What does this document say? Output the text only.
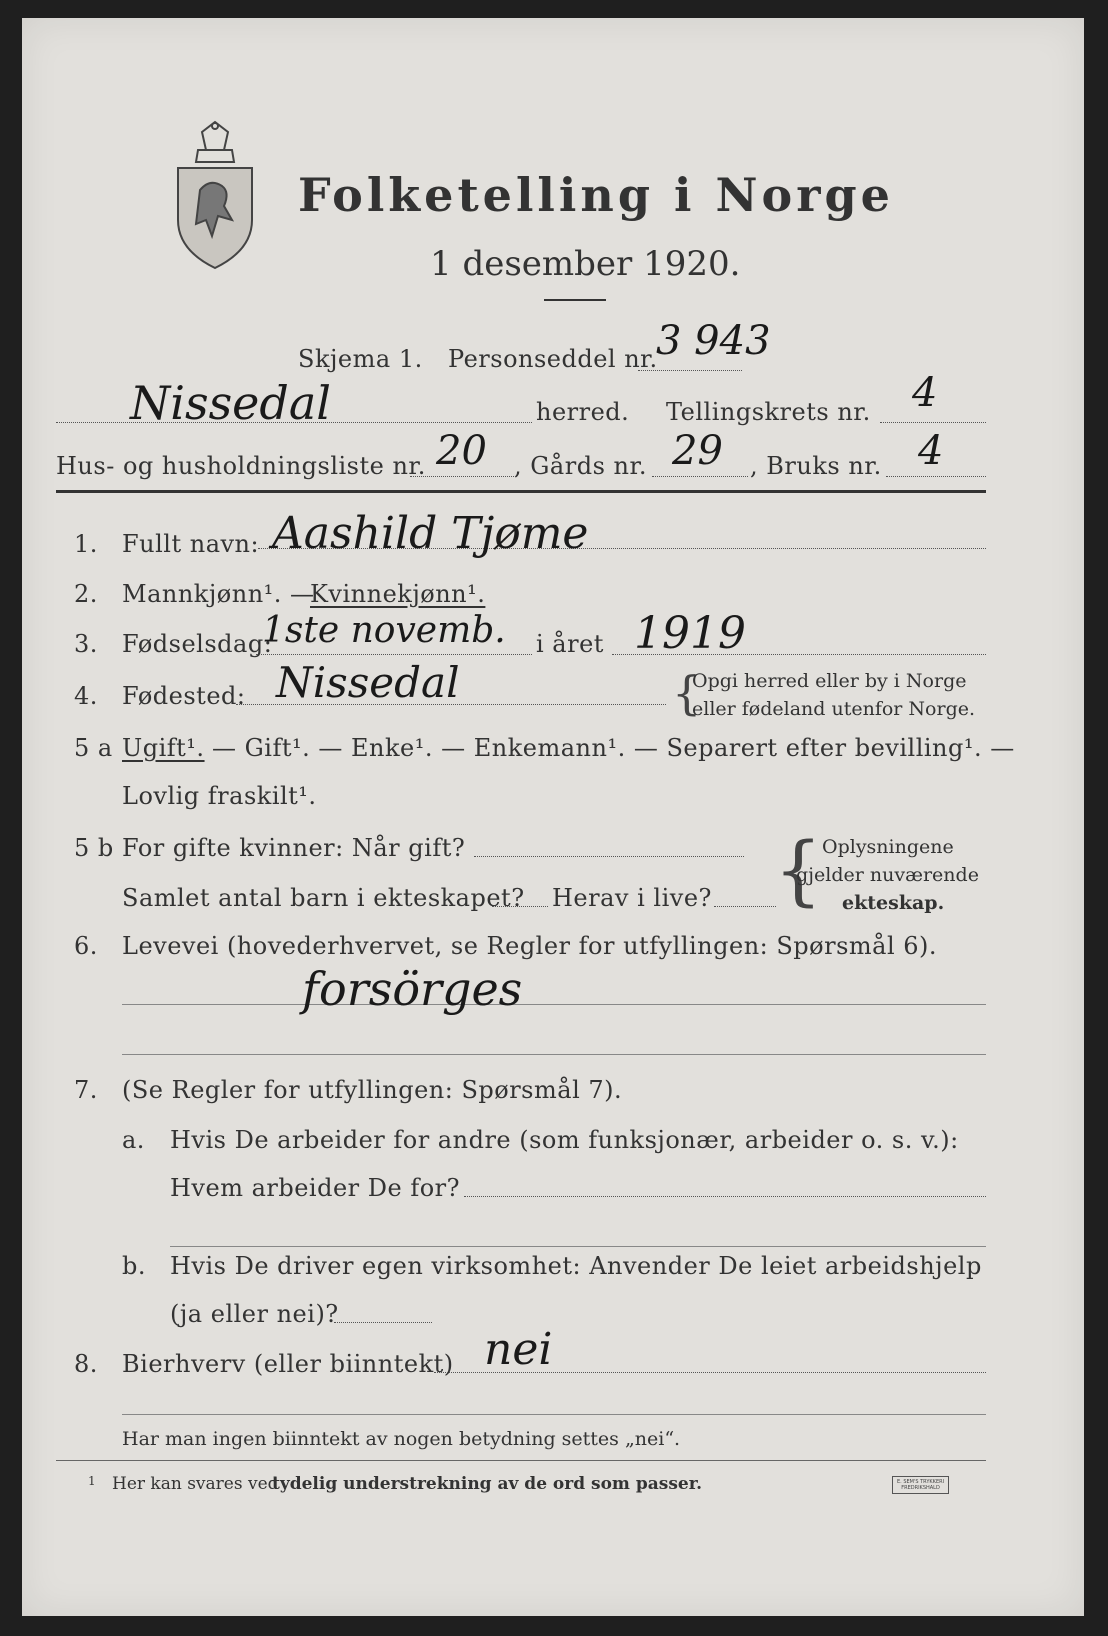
Folketelling i Norge
1 desember 1920.
Skjema 1. Personseddel nr.
3 943
Nissedal	herred. Tellingskrets nr. 4
Hus- og husholdningsliste nr. 20 , Gårds nr. 29 , Bruks nr. 4
1. Fullt navn: Aashild Tjøme
2. Mannkjønn¹. —
Kvinnekjønn¹.
3. Fødselsdag:
1ste novemb. i året 1919
4. Fødested: Nissedal	{
Opgi herred eller by i Norge
eller fødeland utenfor Norge.
5 a Ugift¹. — Gift¹. — Enke¹. — Enkemann¹. — Separert efter bevilling¹. —
Lovlig fraskilt¹.
5 b For gifte kvinner: Når gift?
Samlet antal barn i ekteskapet? Herav i live? { Oplysningene
gjelder nuværende
ekteskap.
6. Levevei (hovederhvervet, se Regler for utfyllingen: Spørsmål 6).
forsörges
7. (Se Regler for utfyllingen: Spørsmål 7).
a. Hvis De arbeider for andre (som funksjonær, arbeider o. s. v.):
Hvem arbeider De for?
b. Hvis De driver egen virksomhet: Anvender De leiet arbeidshjelp
(ja eller nei)?
8. Bierhverv (eller biinntekt) nei
Har man ingen biinntekt av nogen betydning settes „nei“.
1 Her kan svares ved
tydelig understrekning av de ord som passer.	E. SEM'S TRYKKERI
FREDRIKSHALD
